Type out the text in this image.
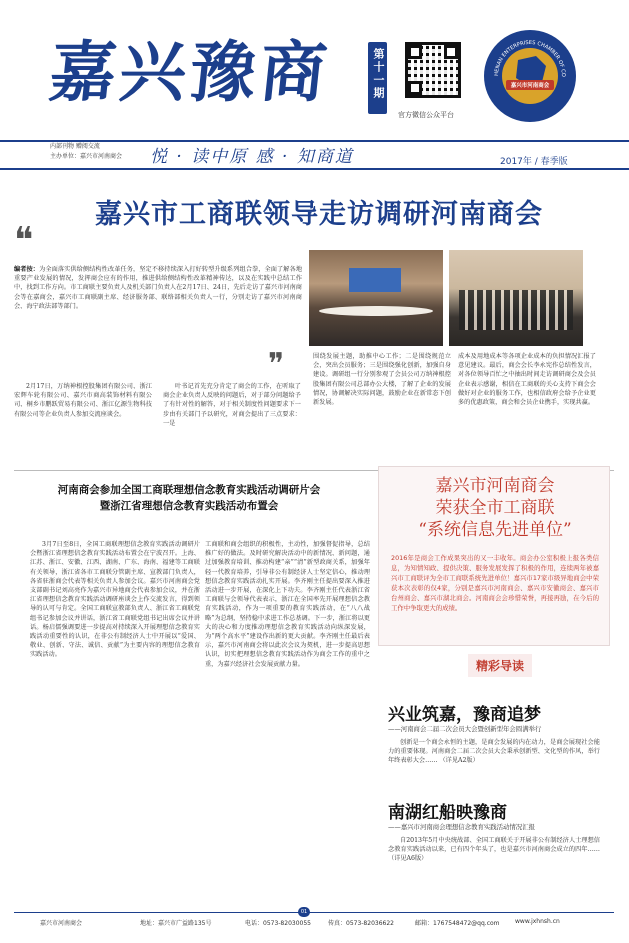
嘉兴豫商	第十一期
官方微信公众平台
HENAN ENTERPRISES CHAMBER OF CO
嘉兴市河南商会
内部刊物 赠阅交流
主办单位：嘉兴市河南商会 悦 · 读中原 感 · 知商道	2017年 / 春季版
嘉兴市工商联领导走访调研河南商会
❝
编者按：为全面落实供给侧结构性改革任务，坚定不移持续深入打好转型升级系列组合拳，全面了解各地重要产业发展的情况，发挥商会应有的作用，推进供给侧结构性改革精神传达，以及在实践中总结工作中，找到工作方向。市工商联主要负责人及机关部门负责人在2月17日、24日，先后走访了嘉兴市河南商会等在嘉商会，嘉兴市工商联副主席、经济服务部、联络部相关负责人一行，分别走访了嘉兴市河南商会、海宁政法部等部门。
❞
2月17日，万纳神根控股集团有限公司、浙江宏辉车轮有限公司、嘉兴市商高装饰材料有限公司、桐乡市鹏跃贸易有限公司、浙江亿源生物科技有限公司等企业负责人参加交流座谈会。
叶书记首先充分肯定了商会的工作，在听取了商会企业负责人反映的问题后，对于部分问题给予了有针对性的解答，对于相关制度性问题要求下一步由有关部门予以研究，对商会提出了三点要求：一是
围绕发展主题，助推中心工作；二是围绕规范立会，突出会员服务；三是围绕强化创新，加强自身建设。调研组一行分别参观了会员公司万纳神根控股集团有限公司总部办公大楼，了解了企业的发展情况，协调解决实际问题，鼓励企业在新常态下创新发展。
成本及用地成本等各项企业成本的负担情况汇报了意见建议。最后，商会会长李永宪作总结性发言，对各位领导百忙之中抽出时间走访调研商会及会员企业表示感谢，相信在工商联的关心支持下商会会做好对企业的服务工作，也相信政府会给予企业更多的优惠政策，商会和会员企业携手，实现共赢。
河南商会参加全国工商联理想信念教育实践活动调研片会
暨浙江省理想信念教育实践活动布置会
3月7日至8日，全国工商联理想信念教育实践活动调研片会暨浙江省理想信念教育实践活动布置会在宁波召开。上海、江苏、浙江、安徽、江西、湖南、广东、海南、福建等工商联有关领导，浙江省各市工商联分管副主席、宣教部门负责人，各省驻浙商会代表等相关负责人参加会议。嘉兴市河南商会党支部副书记刘高亮作为嘉兴市异地商会代表参加会议，并在浙江省理想信念教育实践活动调研座谈会上作交流发言，得到领导的认可与肯定。全国工商联宣教部负责人、浙江省工商联党组书记参加会议并讲话，浙江省工商联党组书记出席会议并讲话。杨启儒强调要进一步提高对持续深入开展理想信念教育实践活动重要性的认识，在非公有制经济人士中开展以“爱国、敬业、创新、守法、诚信、贡献”为主要内容的理想信念教育实践活动。
工商联和商会组织的积极性，主动性，加强督促指导，总结推广好的做法。及时研究解决活动中的新情况、新问题，通过加强教育培训、推动构建“亲”“清”新型政商关系，加强年轻一代教育培养，引导非公有制经济人士坚定信心，推动理想信念教育实践活动扎实开展。李齐刚主任提出要深入推进活动进一步开展，在深化上下功夫。李齐刚主任代表浙江省工商联与会领导代表表示，浙江在全国率先开展理想信念教育实践活动，作为一项重要的教育实践活动，在“八八战略”为总纲，坚持稳中求进工作总基调。下一步，浙江将以更大的决心和力度推动理想信念教育实践活动向纵深发展，为“两个高水平”建设作出新的更大贡献。李齐刚主任最后表示，嘉兴市河南商会将以此次会议为契机，进一步提高思想认识，切实把理想信念教育实践活动作为商会工作的重中之重，为嘉兴经济社会发展贡献力量。
嘉兴市河南商会
荣获全市工商联
“系统信息先进单位”
2016年是商会工作成果突出的又一丰收年。商会办公室积极上报各类信息，为知情知政、提供决策、服务发展发挥了积极的作用，连续两年被嘉兴市工商联评为全市工商联系统先进单位！嘉兴市17家市级异地商会中荣获本次表彰的仅4家，分别是嘉兴市河南商会、嘉兴市安徽商会、嘉兴市台州商会、嘉兴市湖北商会。河南商会会珍惜荣誉，再接再励，在今后的工作中争取更大的成绩。
精彩导读
兴业筑嘉，豫商追梦
——河南商会二届二次会员大会暨创新型年会圆满举行
创新是一个商会永恒的主题，是商会发展的内在动力，是商会展现社会能力的重要体现。河南商会二届二次会员大会秉承创新型、文化型的作风，举行年终表彰大会…… （详见A2版）
南湖红船映豫商
——嘉兴市河南商会理想信念教育实践活动情况汇报
自2013年5月中央统战部、全国工商联关于开展非公有制经济人士理想信念教育实践活动以来，已有四个年头了，也是嘉兴市河南商会成立的四年…… （详见A6版）
01
嘉兴市河南商会	地址：嘉兴市广益路135号	电话：0573-82030055	传真：0573-82036622	邮箱：1767548472@qq.com	www.jxhnsh.cn
